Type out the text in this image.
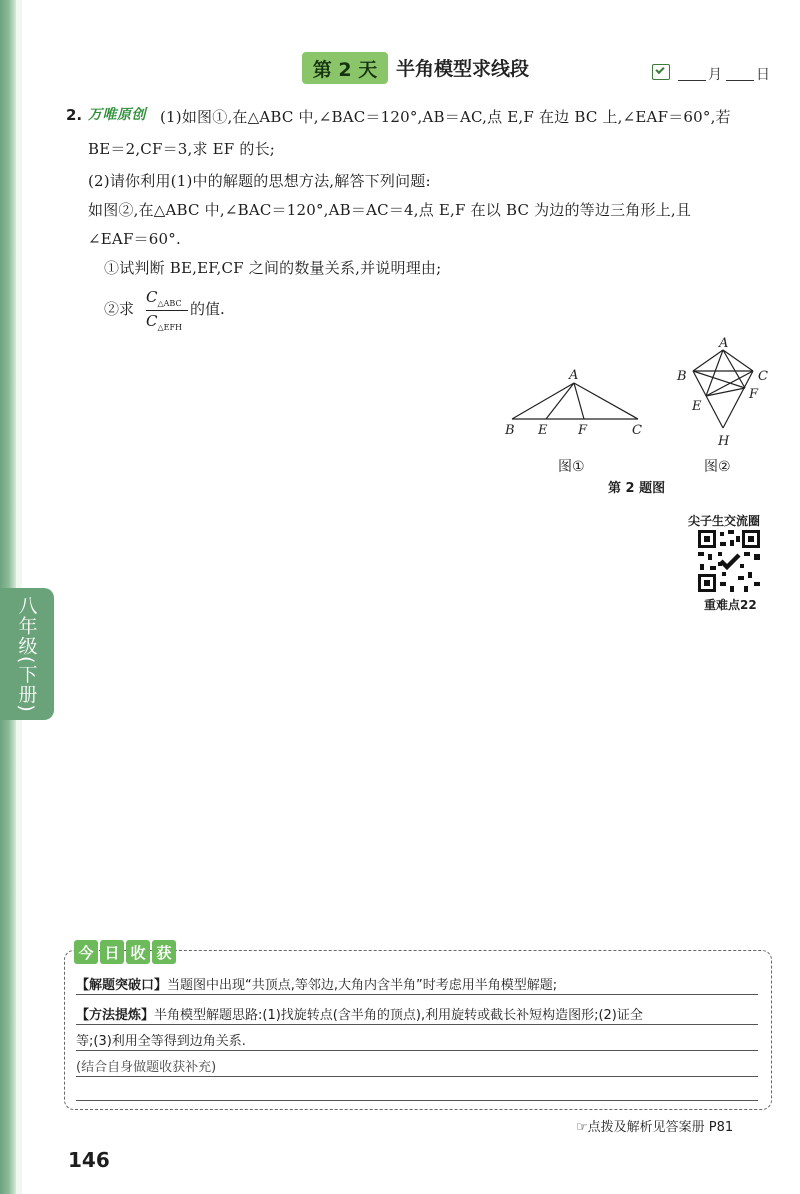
八年级(下册)
第 2 天 半角模型求线段	月 日
2. 万唯原创 (1)如图①,在△ABC 中,∠BAC＝120°,AB＝AC,点 E,F 在边 BC 上,∠EAF＝60°,若
BE＝2,CF＝3,求 EF 的长;
(2)请你利用(1)中的解题的思想方法,解答下列问题:
如图②,在△ABC 中,∠BAC＝120°,AB＝AC＝4,点 E,F 在以 BC 为边的等边三角形上,且
∠EAF＝60°.
①试判断 BE,EF,CF 之间的数量关系,并说明理由;
②求
$C_{\triangle ABC}$
$C_{\triangle EFH}$
的值.
A
B E F	C
A
B	C
E
F
H
图①	图②
第 2 题图
尖子生交流圈
重难点22
今 日 收 获
【解题突破口】当题图中出现“共顶点,等邻边,大角内含半角”时考虑用半角模型解题;
【方法提炼】半角模型解题思路:(1)找旋转点(含半角的顶点),利用旋转或截长补短构造图形;(2)证全
等;(3)利用全等得到边角关系.
(结合自身做题收获补充)
☞点拨及解析见答案册 P81
146
